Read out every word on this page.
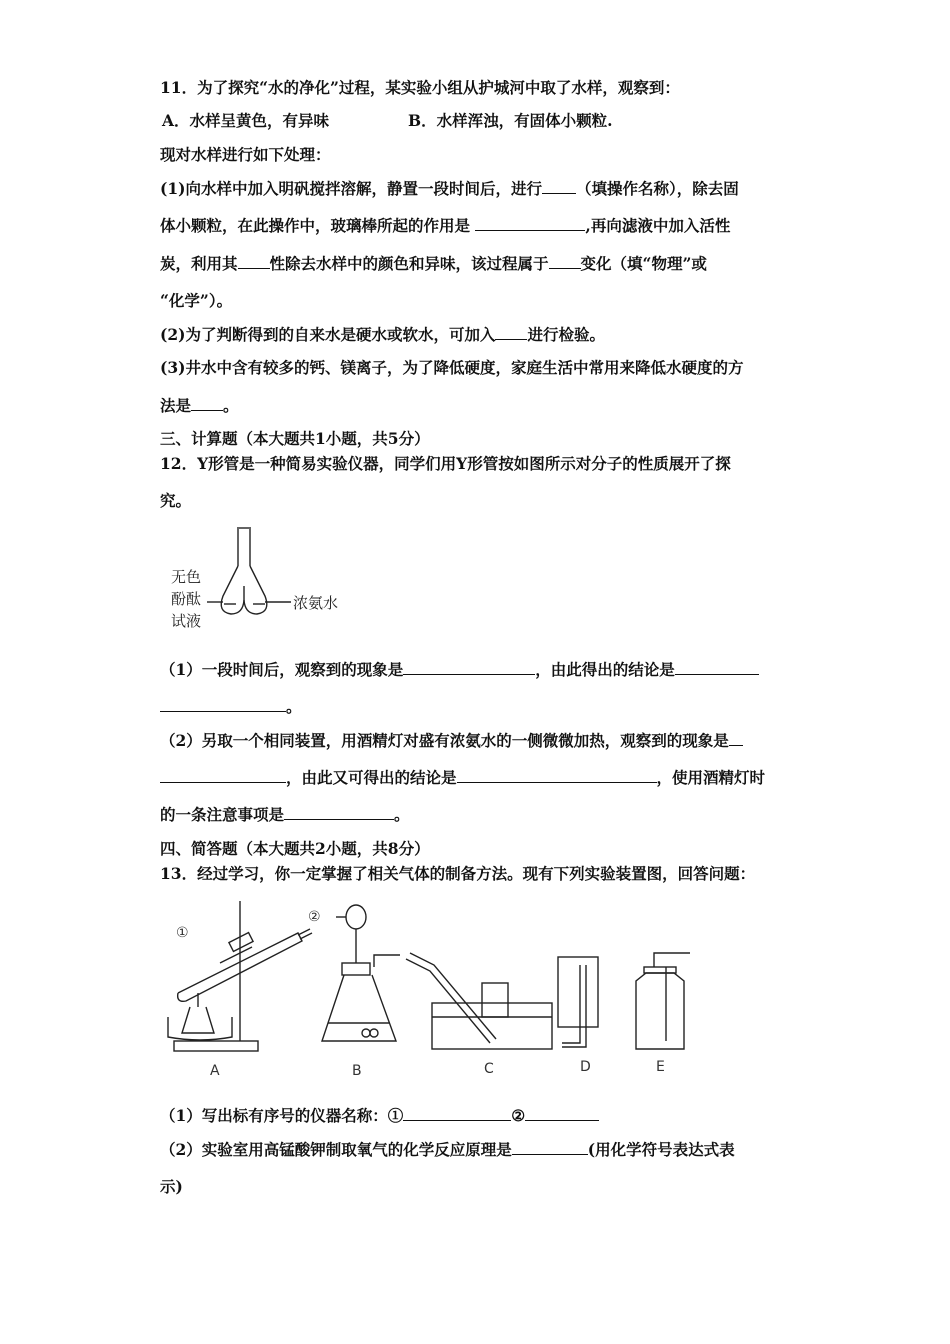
11．为了探究“水的净化”过程，某实验小组从护城河中取了水样，观察到：
A．水样呈黄色，有异味	B．水样浑浊，有固体小颗粒.
现对水样进行如下处理：
(1)向水样中加入明矾搅拌溶解，静置一段时间后，进行 （填操作名称），除去固
体小颗粒，在此操作中，玻璃棒所起的作用是	,再向滤液中加入活性
炭，利用其 性除去水样中的颜色和异味，该过程属于 变化（填“物理”或
“化学”）。
(2)为了判断得到的自来水是硬水或软水，可加入 进行检验。
(3)井水中含有较多的钙、镁离子，为了降低硬度，家庭生活中常用来降低水硬度的方
法是 。
三、计算题（本大题共1小题，共5分）
12．Y形管是一种简易实验仪器，同学们用Y形管按如图所示对分子的性质展开了探
究。
无色
酚酞
试液
浓氨水
（1）一段时间后，观察到的现象是	，由此得出的结论是
。
（2）另取一个相同装置，用酒精灯对盛有浓氨水的一侧微微加热，观察到的现象是
，由此又可得出的结论是	，使用酒精灯时
的一条注意事项是	。
四、简答题（本大题共2小题，共8分）
13．经过学习，你一定掌握了相关气体的制备方法。现有下列实验装置图，回答问题：
①
②
A	B	C	D	E
（1）写出标有序号的仪器名称：①	②
（2）实验室用高锰酸钾制取氧气的化学反应原理是	(用化学符号表达式表
示)
